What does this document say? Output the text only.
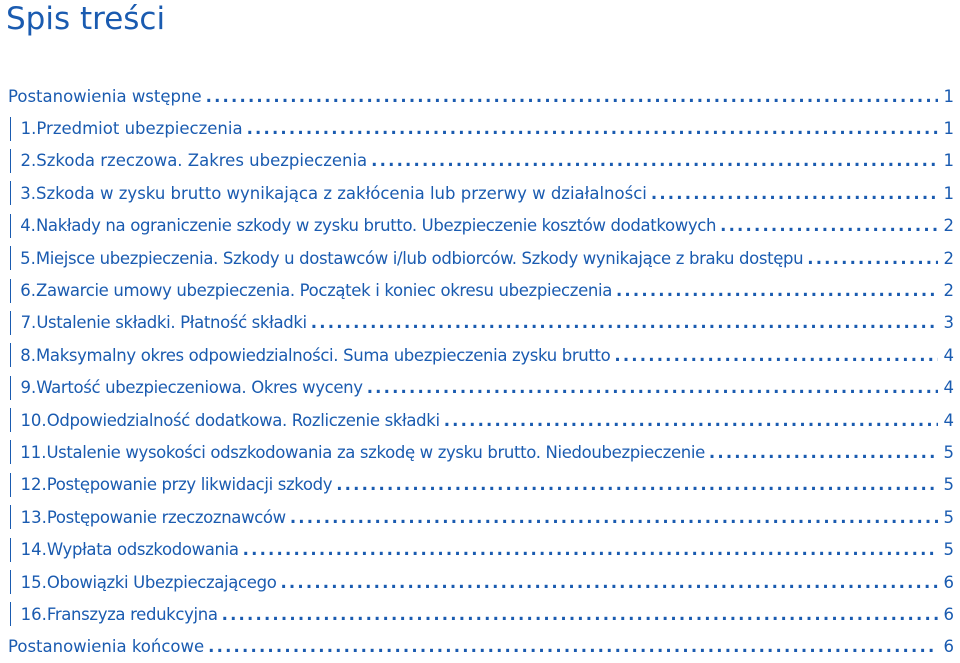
Spis treści
Postanowienia wstępne .....	1
1. Przedmiot ubezpieczenia .....	1
2. Szkoda rzeczowa. Zakres ubezpieczenia .....	1
3. Szkoda w zysku brutto wynikająca z zakłócenia lub przerwy w działalności .....	1
4. Nakłady na ograniczenie szkody w zysku brutto. Ubezpieczenie kosztów dodatkowych .....	2
5. Miejsce ubezpieczenia. Szkody u dostawców i/lub odbiorców. Szkody wynikające z braku dostępu .....	2
6. Zawarcie umowy ubezpieczenia. Początek i koniec okresu ubezpieczenia .....	2
7. Ustalenie składki. Płatność składki .....	3
8. Maksymalny okres odpowiedzialności. Suma ubezpieczenia zysku brutto .....	4
9. Wartość ubezpieczeniowa. Okres wyceny .....	4
10. Odpowiedzialność dodatkowa. Rozliczenie składki .....	4
11. Ustalenie wysokości odszkodowania za szkodę w zysku brutto. Niedoubezpieczenie .....	5
12. Postępowanie przy likwidacji szkody .....	5
13. Postępowanie rzeczoznawców .....	5
14. Wypłata odszkodowania .....	5
15. Obowiązki Ubezpieczającego .....	6
16. Franszyza redukcyjna .....	6
Postanowienia końcowe .....	6
